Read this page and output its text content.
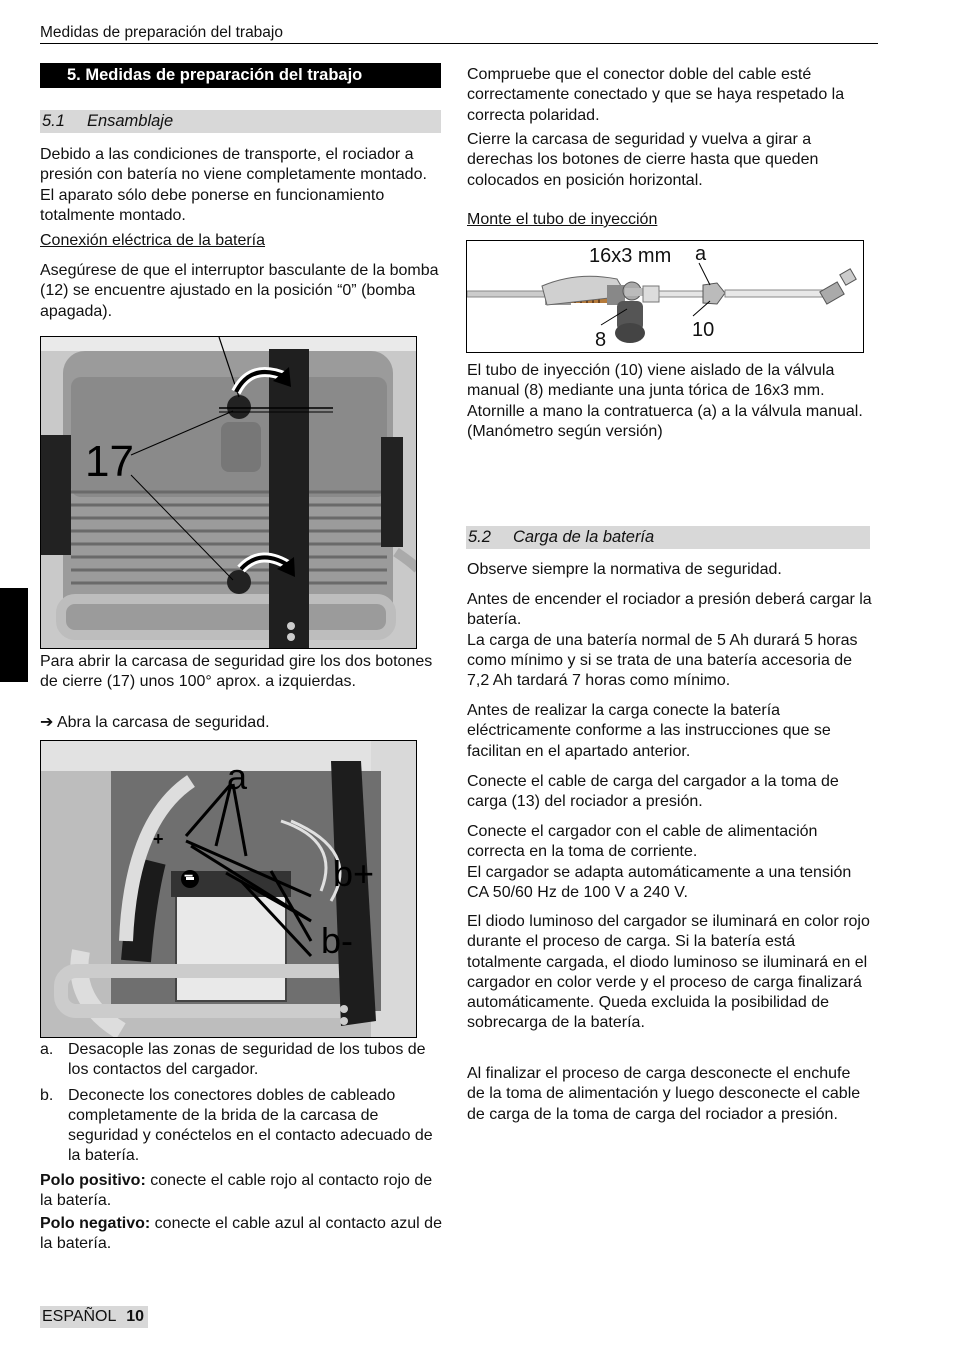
Medidas de preparación del trabajo
5. Medidas de preparación del trabajo
5.1 Ensamblaje

Debido a las condiciones de transporte, el rociador a presión con batería no viene completamente montado. El aparato sólo debe ponerse en funcionamiento totalmente montado.

Conexión eléctrica de la batería

Asegúrese de que el interruptor basculante de la bomba (12) se encuentre ajustado en la posición “0” (bomba apagada).

17

Para abrir la carcasa de seguridad gire los dos botones de cierre (17) unos 100° aprox. a izquierdas.

➔ Abra la carcasa de seguridad.

a
b+
b-
+
−
a. Desacople las zonas de seguridad de los tubos de los contactos del cargador.
b. Deconecte los conectores dobles de cableado completamente de la brida de la carcasa de seguridad y conéctelos en el contacto adecuado de la batería.

Polo positivo: conecte el cable rojo al contacto rojo de la batería.

Polo negativo: conecte el cable azul al contacto azul de la batería.

Compruebe que el conector doble del cable esté correctamente conectado y que se haya respetado la correcta polaridad.

Cierre la carcasa de seguridad y vuelva a girar a derechas los botones de cierre hasta que queden colocados en posición horizontal.

Monte el tubo de inyección

16x3 mm a
8	10

El tubo de inyección (10) viene aislado de la válvula manual (8) mediante una junta tórica de 16x3 mm.
Atornille a mano la contratuerca (a) a la válvula manual.
(Manómetro según versión)

5.2 Carga de la batería

Observe siempre la normativa de seguridad.

Antes de encender el rociador a presión deberá cargar la batería.
La carga de una batería normal de 5 Ah durará 5 horas como mínimo y si se trata de una batería accesoria de 7,2 Ah tardará 7 horas como mínimo.

Antes de realizar la carga conecte la batería eléctricamente conforme a las instrucciones que se facilitan en el apartado anterior.

Conecte el cable de carga del cargador a la toma de carga (13) del rociador a presión.

Conecte el cargador con el cable de alimentación correcta en la toma de corriente.
El cargador se adapta automáticamente a una tensión CA 50/60 Hz de 100 V a 240 V.

El diodo luminoso del cargador se iluminará en color rojo durante el proceso de carga. Si la batería está totalmente cargada, el diodo luminoso se iluminará en el cargador en color verde y el proceso de carga finalizará automáticamente. Queda excluida la posibilidad de sobrecarga de la batería.

Al finalizar el proceso de carga desconecte el enchufe de la toma de alimentación y luego desconecte el cable de carga de la toma de carga del rociador a presión.

ESPAÑOL 10
